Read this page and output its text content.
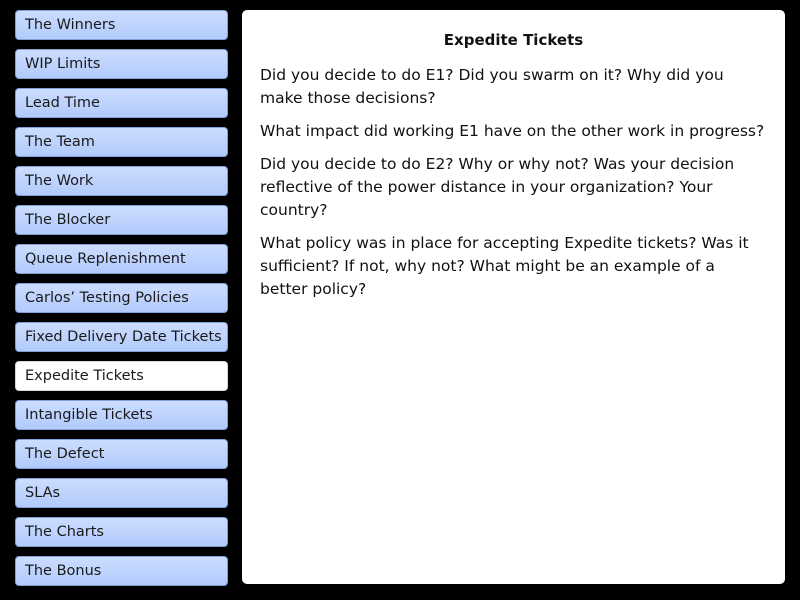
The Winners
WIP Limits
Lead Time
The Team
The Work
The Blocker
Queue Replenishment
Carlos’ Testing Policies
Fixed Delivery Date Tickets
Expedite Tickets
Intangible Tickets
The Defect
SLAs
The Charts
The Bonus
Expedite Tickets

Did you decide to do E1? Did you swarm on it? Why did you make those decisions?

What impact did working E1 have on the other work in progress?

Did you decide to do E2? Why or why not? Was your decision reflective of the power distance in your organization? Your country?

What policy was in place for accepting Expedite tickets? Was it sufficient? If not, why not? What might be an example of a better policy?
